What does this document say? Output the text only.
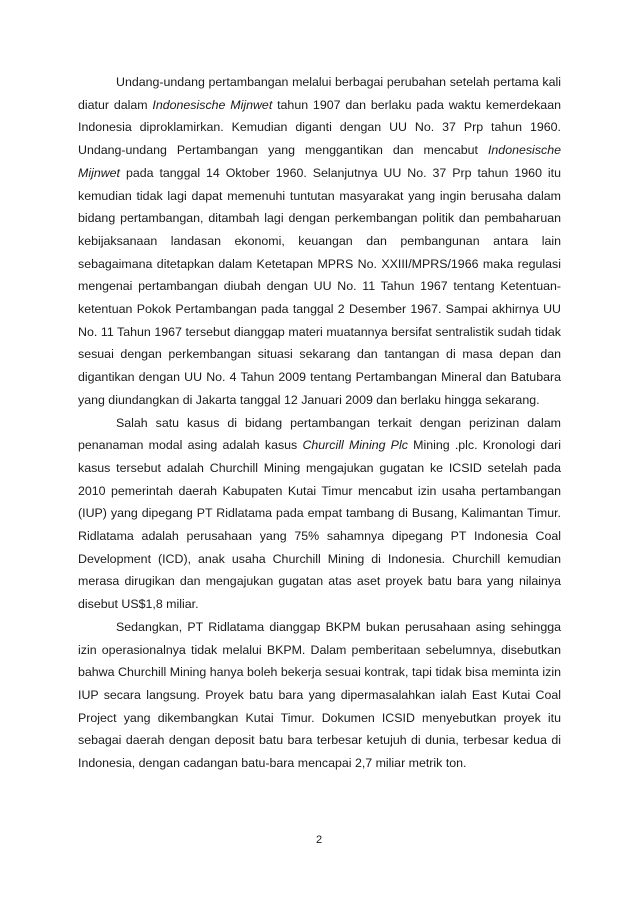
Undang-undang pertambangan melalui berbagai perubahan setelah pertama kali diatur dalam Indonesische Mijnwet tahun 1907 dan berlaku pada waktu kemerdekaan Indonesia diproklamirkan. Kemudian diganti dengan UU No. 37 Prp tahun 1960. Undang-undang Pertambangan yang menggantikan dan mencabut Indonesische Mijnwet pada tanggal 14 Oktober 1960. Selanjutnya UU No. 37 Prp tahun 1960 itu kemudian tidak lagi dapat memenuhi tuntutan masyarakat yang ingin berusaha dalam bidang pertambangan, ditambah lagi dengan perkembangan politik dan pembaharuan kebijaksanaan landasan ekonomi, keuangan dan pembangunan antara lain sebagaimana ditetapkan dalam Ketetapan MPRS No. XXIII/MPRS/1966 maka regulasi mengenai pertambangan diubah dengan UU No. 11 Tahun 1967 tentang Ketentuan-ketentuan Pokok Pertambangan pada tanggal 2 Desember 1967. Sampai akhirnya UU No. 11 Tahun 1967 tersebut dianggap materi muatannya bersifat sentralistik sudah tidak sesuai dengan perkembangan situasi sekarang dan tantangan di masa depan dan digantikan dengan UU No. 4 Tahun 2009 tentang Pertambangan Mineral dan Batubara yang diundangkan di Jakarta tanggal 12 Januari 2009 dan berlaku hingga sekarang.

Salah satu kasus di bidang pertambangan terkait dengan perizinan dalam penanaman modal asing adalah kasus Churcill Mining Plc Mining .plc. Kronologi dari kasus tersebut adalah Churchill Mining mengajukan gugatan ke ICSID setelah pada 2010 pemerintah daerah Kabupaten Kutai Timur mencabut izin usaha pertambangan (IUP) yang dipegang PT Ridlatama pada empat tambang di Busang, Kalimantan Timur. Ridlatama adalah perusahaan yang 75% sahamnya dipegang PT Indonesia Coal Development (ICD), anak usaha Churchill Mining di Indonesia. Churchill kemudian merasa dirugikan dan mengajukan gugatan atas aset proyek batu bara yang nilainya disebut US$1,8 miliar.

Sedangkan, PT Ridlatama dianggap BKPM bukan perusahaan asing sehingga izin operasionalnya tidak melalui BKPM. Dalam pemberitaan sebelumnya, disebutkan bahwa Churchill Mining hanya boleh bekerja sesuai kontrak, tapi tidak bisa meminta izin IUP secara langsung. Proyek batu bara yang dipermasalahkan ialah East Kutai Coal Project yang dikembangkan Kutai Timur. Dokumen ICSID menyebutkan proyek itu sebagai daerah dengan deposit batu bara terbesar ketujuh di dunia, terbesar kedua di Indonesia, dengan cadangan batu-bara mencapai 2,7 miliar metrik ton.

2
